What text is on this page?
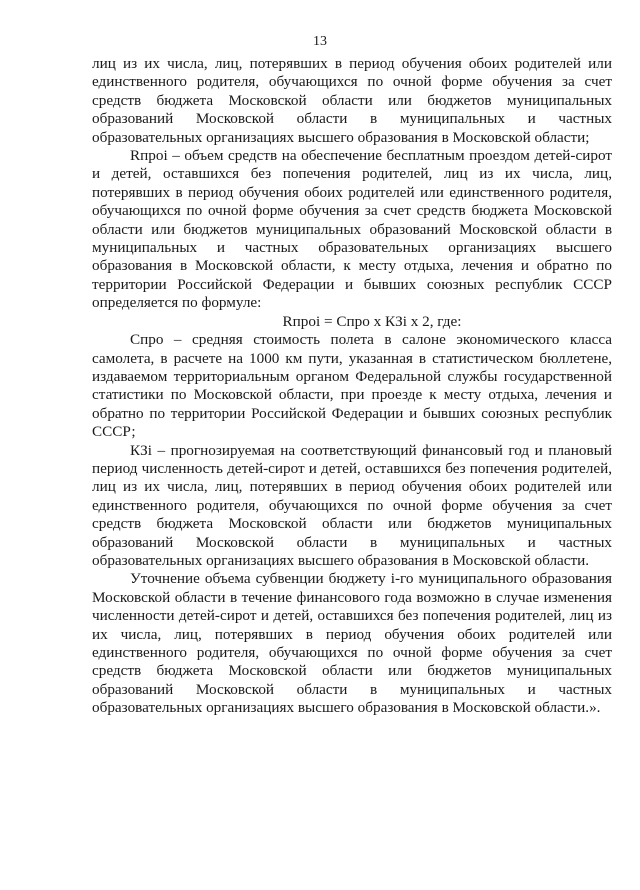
13

лиц из их числа, лиц, потерявших в период обучения обоих родителей или единственного родителя, обучающихся по очной форме обучения за счет средств бюджета Московской области или бюджетов муниципальных образований Московской области в муниципальных и частных образовательных организациях высшего образования в Московской области;

Rпроi – объем средств на обеспечение бесплатным проездом детей-сирот и детей, оставшихся без попечения родителей, лиц из их числа, лиц, потерявших в период обучения обоих родителей или единственного родителя, обучающихся по очной форме обучения за счет средств бюджета Московской области или бюджетов муниципальных образований Московской области в муниципальных и частных образовательных организациях высшего образования в Московской области, к месту отдыха, лечения и обратно по территории Российской Федерации и бывших союзных республик СССР определяется по формуле:

Rпроi = Спро x КЗi x 2, где:

Спро – средняя стоимость полета в салоне экономического класса самолета, в расчете на 1000 км пути, указанная в статистическом бюллетене, издаваемом территориальным органом Федеральной службы государственной статистики по Московской области, при проезде к месту отдыха, лечения и обратно по территории Российской Федерации и бывших союзных республик СССР;

КЗi – прогнозируемая на соответствующий финансовый год и плановый период численность детей-сирот и детей, оставшихся без попечения родителей, лиц из их числа, лиц, потерявших в период обучения обоих родителей или единственного родителя, обучающихся по очной форме обучения за счет средств бюджета Московской области или бюджетов муниципальных образований Московской области в муниципальных и частных образовательных организациях высшего образования в Московской области.

Уточнение объема субвенции бюджету i-го муниципального образования Московской области в течение финансового года возможно в случае изменения численности детей-сирот и детей, оставшихся без попечения родителей, лиц из их числа, лиц, потерявших в период обучения обоих родителей или единственного родителя, обучающихся по очной форме обучения за счет средств бюджета Московской области или бюджетов муниципальных образований Московской области в муниципальных и частных образовательных организациях высшего образования в Московской области.».
